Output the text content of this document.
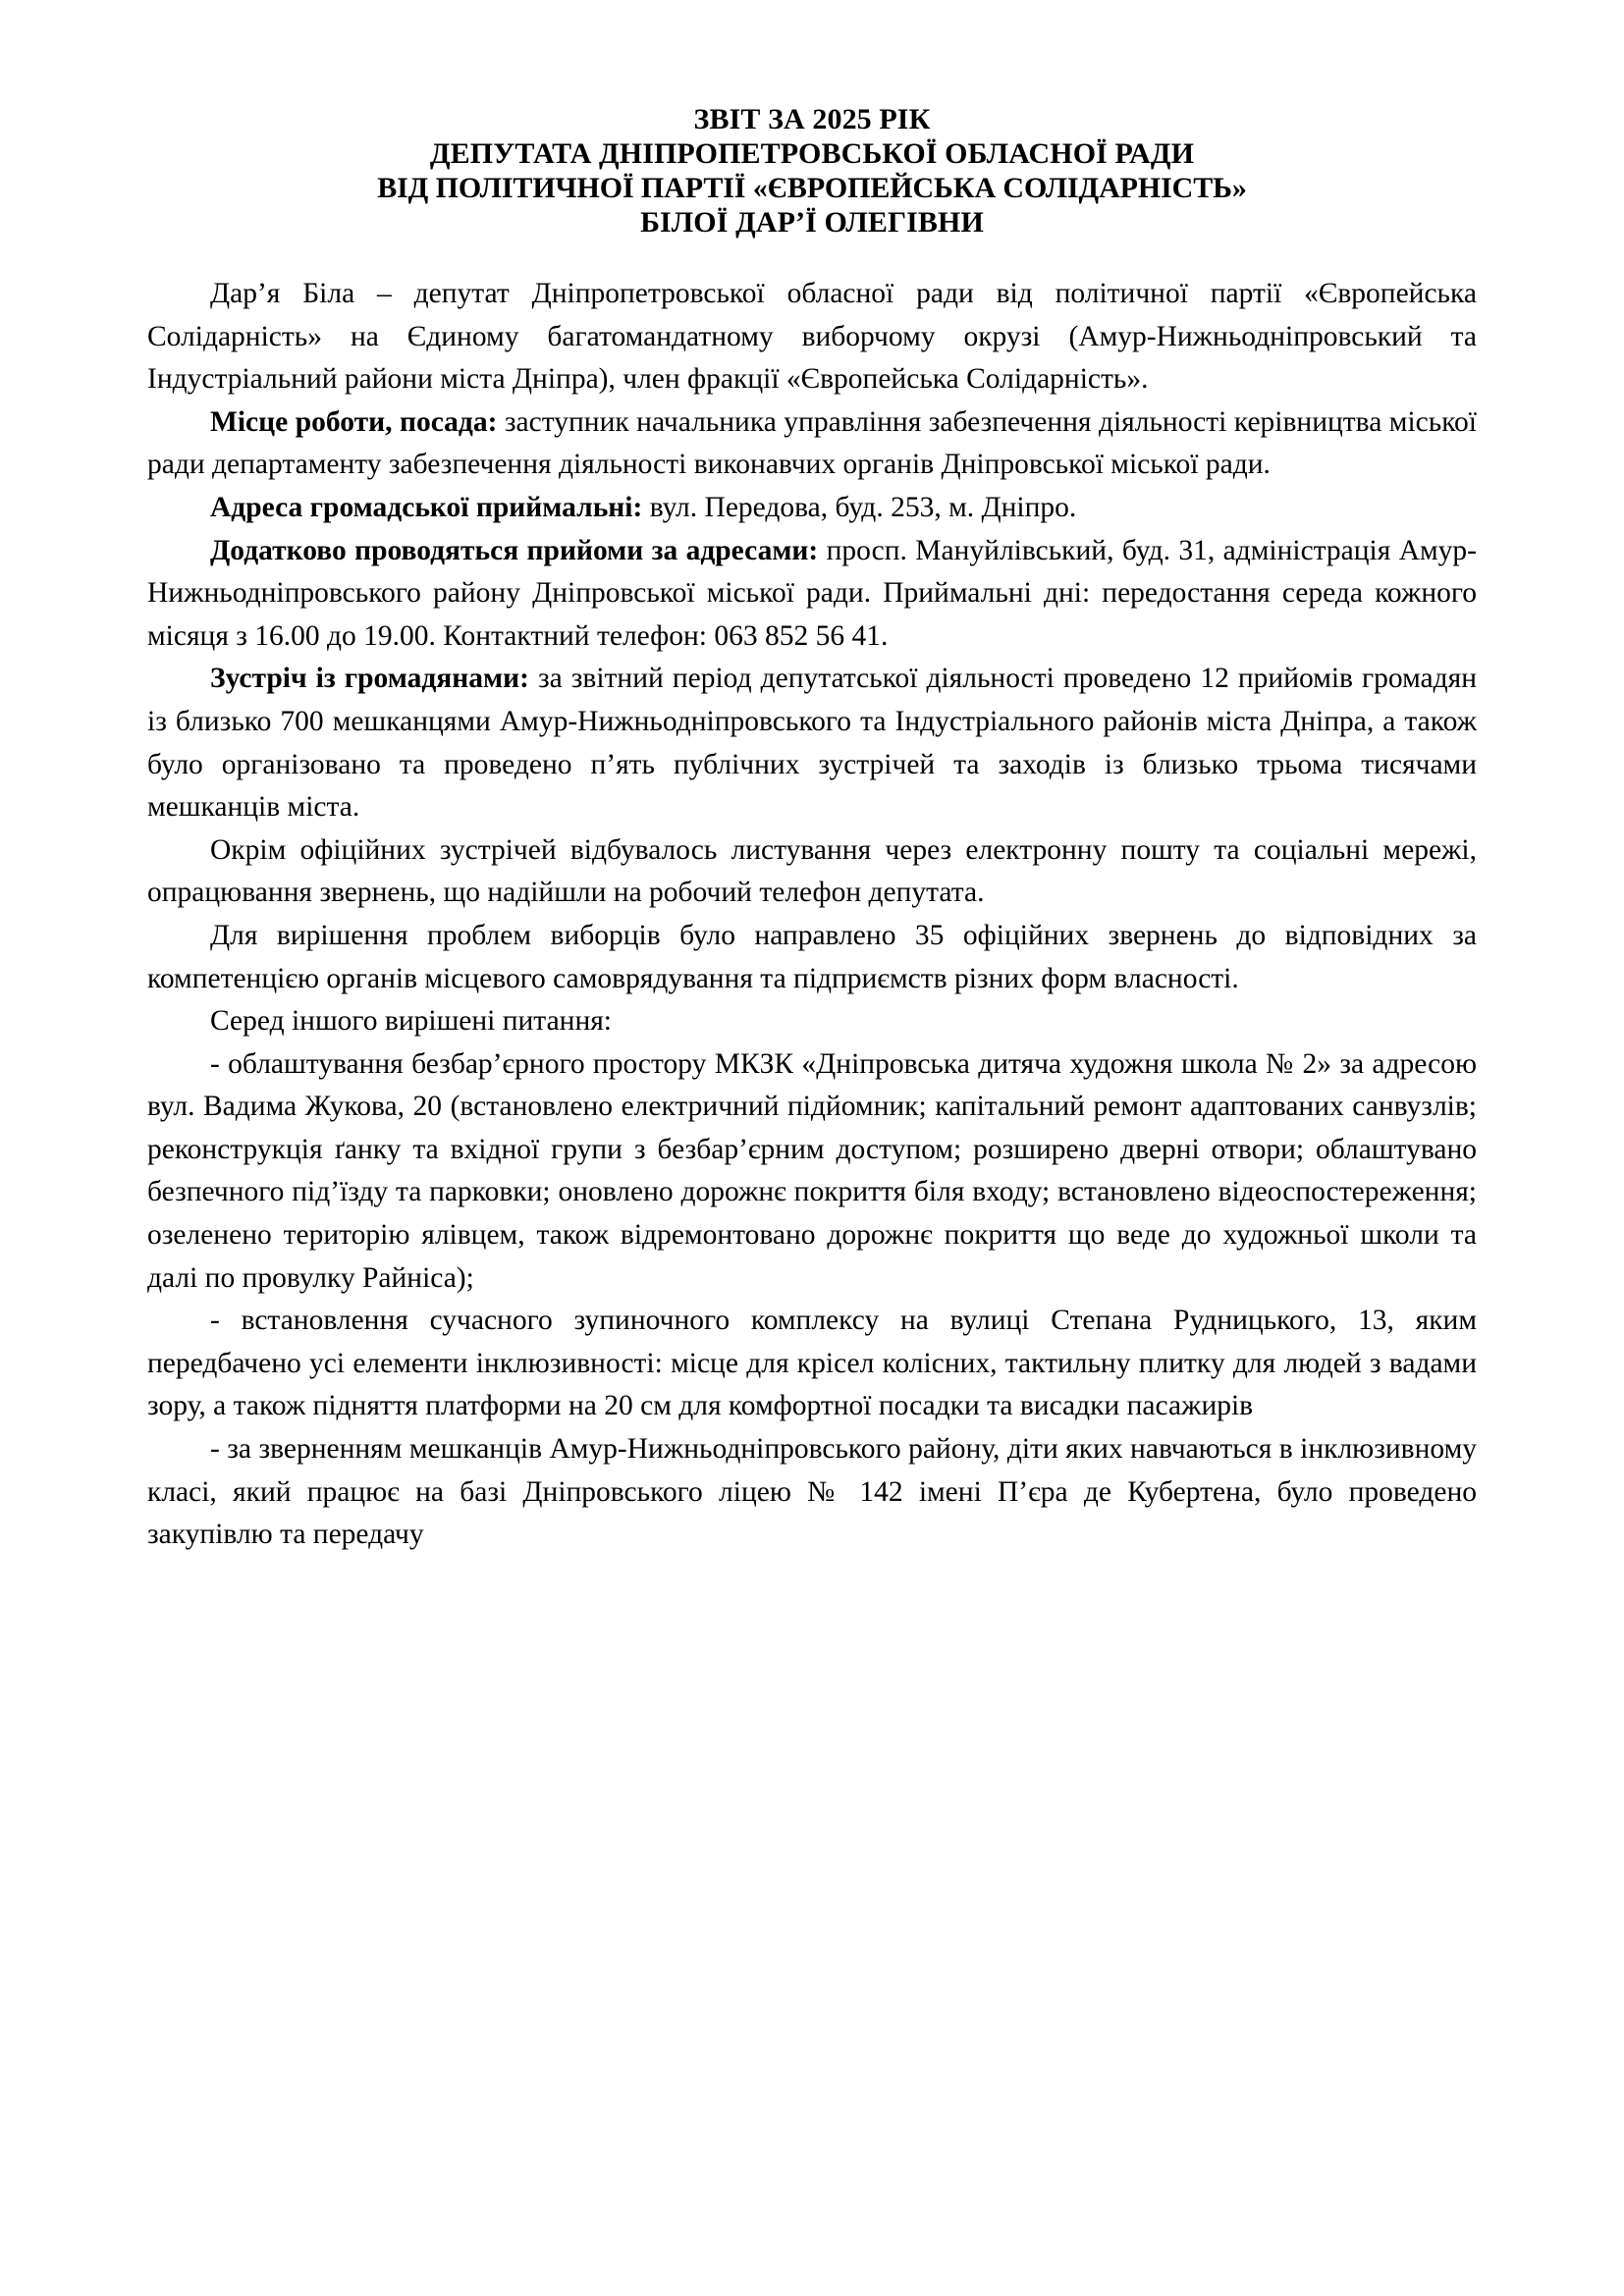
ЗВІТ ЗА 2025 РІК
ДЕПУТАТА ДНІПРОПЕТРОВСЬКОЇ ОБЛАСНОЇ РАДИ
ВІД ПОЛІТИЧНОЇ ПАРТІЇ «ЄВРОПЕЙСЬКА СОЛІДАРНІСТЬ»
БІЛОЇ ДАР’Ї ОЛЕГІВНИ

Дар’я Біла – депутат Дніпропетровської обласної ради від політичної партії «Європейська Солідарність» на Єдиному багатомандатному виборчому окрузі (Амур-Нижньодніпровський та Індустріальний райони міста Дніпра), член фракції «Європейська Солідарність».

Місце роботи, посада: заступник начальника управління забезпечення діяльності керівництва міської ради департаменту забезпечення діяльності виконавчих органів Дніпровської міської ради.

Адреса громадської приймальні: вул. Передова, буд. 253, м. Дніпро.

Додатково проводяться прийоми за адресами: просп. Мануйлівський, буд. 31, адміністрація Амур-Нижньодніпровського району Дніпровської міської ради. Приймальні дні: передостання середа кожного місяця з 16.00 до 19.00. Контактний телефон: 063 852 56 41.

Зустріч із громадянами: за звітний період депутатської діяльності проведено 12 прийомів громадян із близько 700 мешканцями Амур-Нижньодніпровського та Індустріального районів міста Дніпра, а також було організовано та проведено п’ять публічних зустрічей та заходів із близько трьома тисячами мешканців міста.

Окрім офіційних зустрічей відбувалось листування через електронну пошту та соціальні мережі, опрацювання звернень, що надійшли на робочий телефон депутата.

Для вирішення проблем виборців було направлено 35 офіційних звернень до відповідних за компетенцією органів місцевого самоврядування та підприємств різних форм власності.

Серед іншого вирішені питання:

- облаштування безбар’єрного простору МКЗК «Дніпровська дитяча художня школа № 2» за адресою вул. Вадима Жукова, 20 (встановлено електричний підйомник; капітальний ремонт адаптованих санвузлів; реконструкція ґанку та вхідної групи з безбар’єрним доступом; розширено дверні отвори; облаштувано безпечного під’їзду та парковки; оновлено дорожнє покриття біля входу; встановлено відеоспостереження; озеленено територію ялівцем, також відремонтовано дорожнє покриття що веде до художньої школи та далі по провулку Райніса);

- встановлення сучасного зупиночного комплексу на вулиці Степана Рудницького, 13, яким передбачено усі елементи інклюзивності: місце для крісел колісних, тактильну плитку для людей з вадами зору, а також підняття платформи на 20 см для комфортної посадки та висадки пасажирів

- за зверненням мешканців Амур-Нижньодніпровського району, діти яких навчаються в інклюзивному класі, який працює на базі Дніпровського ліцею № 142 імені П’єра де Кубертена, було проведено закупівлю та передачу
